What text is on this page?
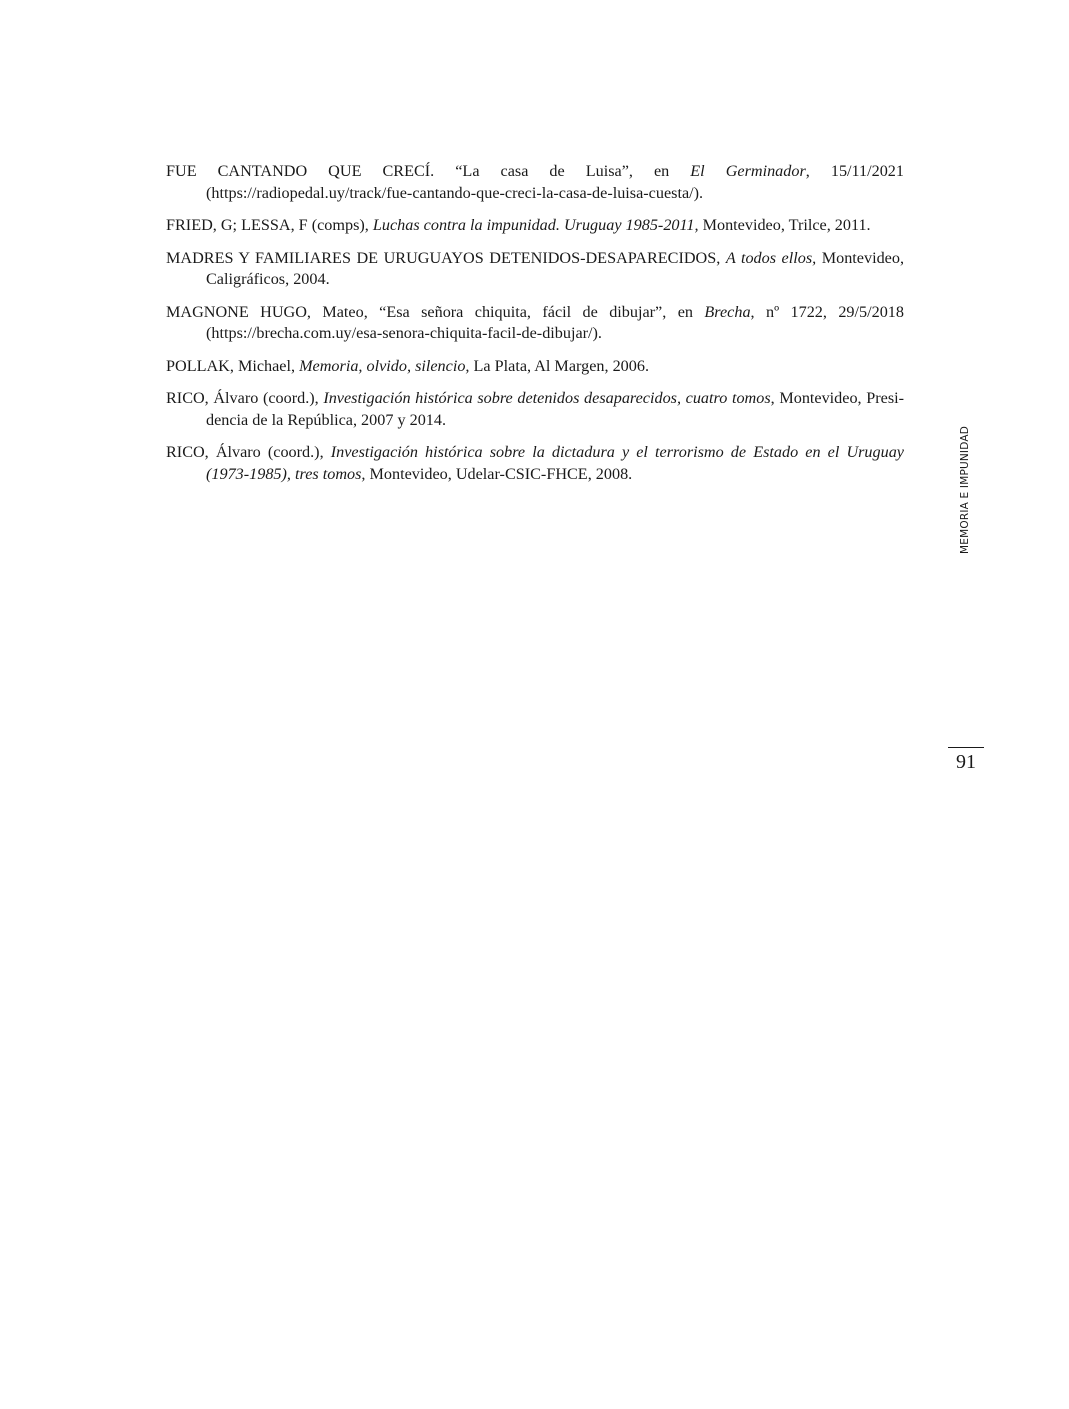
FUE CANTANDO QUE CRECÍ. “La casa de Luisa”, en El Germinador, 15/11/2021 (https://radiopedal.uy/track/fue-cantando-que-creci-la-casa-de-luisa-cuesta/).

FRIED, G; LESSA, F (comps), Luchas contra la impunidad. Uruguay 1985-2011, Montevideo, Trilce, 2011.

MADRES Y FAMILIARES DE URUGUAYOS DETENIDOS-DESAPARECIDOS, A todos ellos, Montevideo, Caligráficos, 2004.

MAGNONE HUGO, Mateo, “Esa señora chiquita, fácil de dibujar”, en Brecha, nº 1722, 29/5/2018 (https://brecha.com.uy/esa-senora-chiquita-facil-de-dibujar/).

POLLAK, Michael, Memoria, olvido, silencio, La Plata, Al Margen, 2006.

RICO, Álvaro (coord.), Investigación histórica sobre detenidos desaparecidos, cuatro tomos, Montevideo, Presidencia de la República, 2007 y 2014.

RICO, Álvaro (coord.), Investigación histórica sobre la dictadura y el terrorismo de Estado en el Uruguay (1973-1985), tres tomos, Montevideo, Udelar-CSIC-FHCE, 2008.	MEMORIA E IMPUNIDAD
91
